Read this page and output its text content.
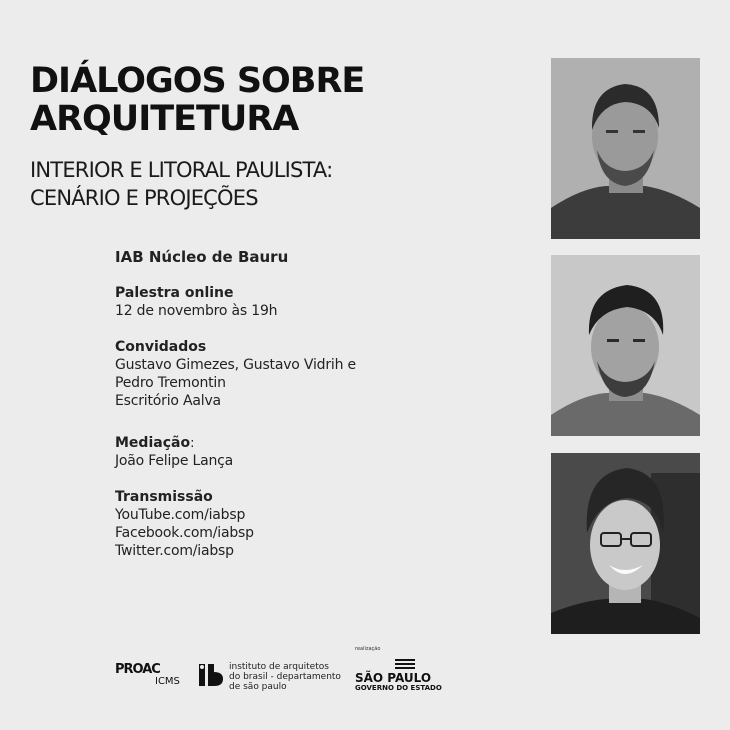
DIÁLOGOS SOBRE
ARQUITETURA
INTERIOR E LITORAL PAULISTA:
CENÁRIO E PROJEÇÕES
IAB Núcleo de Bauru
Palestra online
12 de novembro às 19h
Convidados
Gustavo Gimezes, Gustavo Vidrih e
Pedro Tremontin
Escritório Aalva
Mediação:
João Felipe Lança
Transmissão
YouTube.com/iabsp
Facebook.com/iabsp
Twitter.com/iabsp
PROAC
ICMS
instituto de arquitetos
do brasil - departamento
de são paulo
realização
SÃO PAULO
GOVERNO DO ESTADO
